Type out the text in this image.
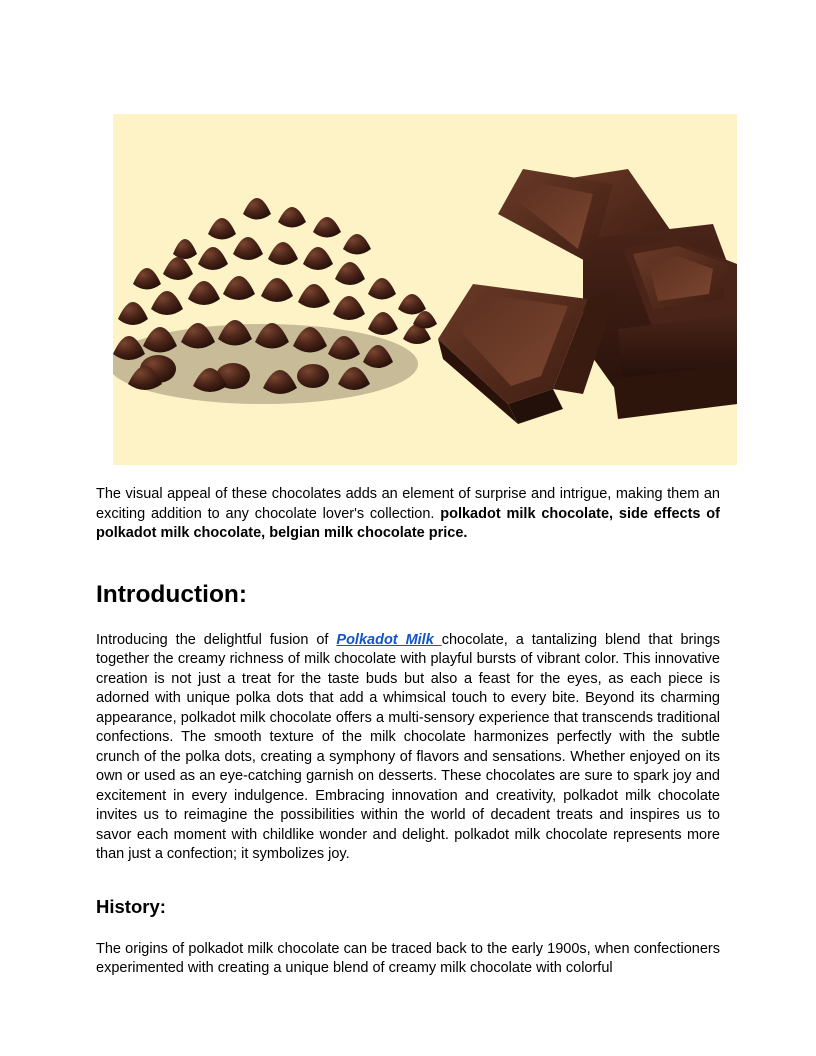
The visual appeal of these chocolates adds an element of surprise and intrigue, making them an exciting addition to any chocolate lover's collection. polkadot milk chocolate, side effects of polkadot milk chocolate, belgian milk chocolate price.

Introduction:

Introducing the delightful fusion of Polkadot Milk chocolate, a tantalizing blend that brings together the creamy richness of milk chocolate with playful bursts of vibrant color. This innovative creation is not just a treat for the taste buds but also a feast for the eyes, as each piece is adorned with unique polka dots that add a whimsical touch to every bite. Beyond its charming appearance, polkadot milk chocolate offers a multi-sensory experience that transcends traditional confections. The smooth texture of the milk chocolate harmonizes perfectly with the subtle crunch of the polka dots, creating a symphony of flavors and sensations. Whether enjoyed on its own or used as an eye-catching garnish on desserts. These chocolates are sure to spark joy and excitement in every indulgence. Embracing innovation and creativity, polkadot milk chocolate invites us to reimagine the possibilities within the world of decadent treats and inspires us to savor each moment with childlike wonder and delight. polkadot milk chocolate represents more than just a confection; it symbolizes joy.

History:

The origins of polkadot milk chocolate can be traced back to the early 1900s, when confectioners experimented with creating a unique blend of creamy milk chocolate with colorful
